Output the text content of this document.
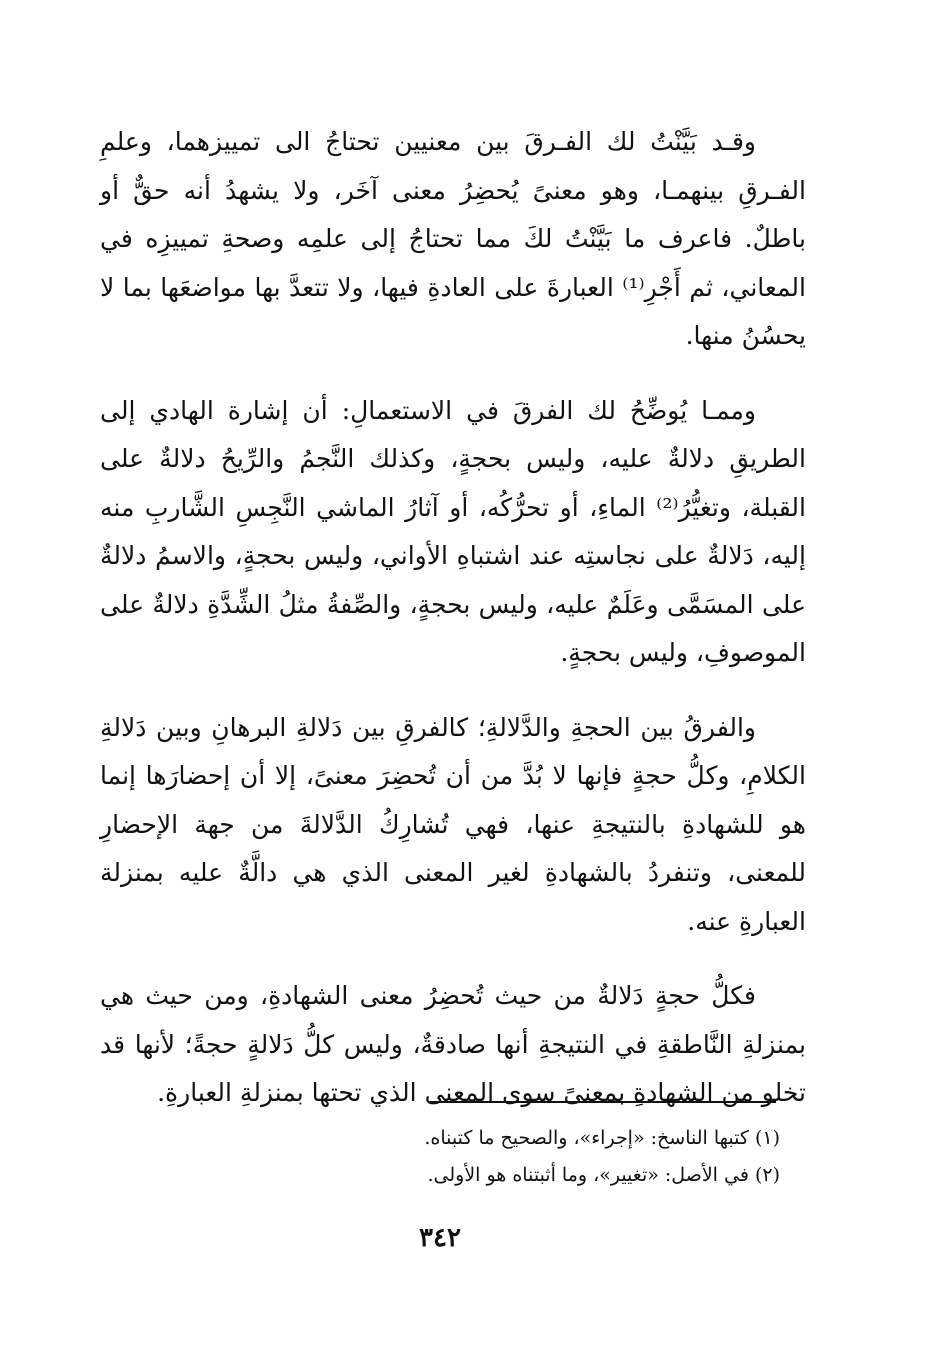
وقـد بَيَّنْتُ لك الفـرقَ بين معنيين تحتاجُ الى تمييزهما، وعلمِ الفـرقِ بينهمـا، وهو معنىً يُحضِرُ معنى آخَر، ولا يشهدُ أنه حقٌّ أو باطلٌ. فاعرف ما بَيَّنْتُ لكَ مما تحتاجُ إلى علمِه وصحةِ تمييزِه في المعاني، ثم أَجْرِ⁽¹⁾ العبارةَ على العادةِ فيها، ولا تتعدَّ بها مواضعَها بما لا يحسُنُ منها.

وممـا يُوضِّحُ لك الفرقَ في الاستعمالِ: أن إشارة الهادي إلى الطريقِ دلالةٌ عليه، وليس بحجةٍ، وكذلك النَّجمُ والرِّيحُ دلالةٌ على القبلة، وتغيُّرُ⁽²⁾ الماءِ، أو تحرُّكُه، أو آثارُ الماشي النَّجِسِ الشَّاربِ منه إليه، دَلالةٌ على نجاستِه عند اشتباهِ الأواني، وليس بحجةٍ، والاسمُ دلالةٌ على المسَمَّى وعَلَمٌ عليه، وليس بحجةٍ، والصِّفةُ مثلُ الشِّدَّةِ دلالةٌ على الموصوفِ، وليس بحجةٍ.

والفرقُ بين الحجةِ والدَّلالةِ؛ كالفرقِ بين دَلالةِ البرهانِ وبين دَلالةِ الكلامِ، وكلُّ حجةٍ فإنها لا بُدَّ من أن تُحضِرَ معنىً، إلا أن إحضارَها إنما هو للشهادةِ بالنتيجةِ عنها، فهي تُشارِكُ الدَّلالةَ من جهة الإحضارِ للمعنى، وتنفردُ بالشهادةِ لغير المعنى الذي هي دالَّةٌ عليه بمنزلة العبارةِ عنه.

فكلُّ حجةٍ دَلالةٌ من حيث تُحضِرُ معنى الشهادةِ، ومن حيث هي بمنزلةِ النَّاطقةِ في النتيجةِ أنها صادقةٌ، وليس كلُّ دَلالةٍ حجةً؛ لأنها قد تخلو من الشهادةِ بمعنىً سوى المعنى الذي تحتها بمنزلةِ العبارةِ.

(١) كتبها الناسخ: «إجراء»، والصحيح ما كتبناه.

(٢) في الأصل: «تغيير»، وما أثبتناه هو الأولى.

٣٤٢
